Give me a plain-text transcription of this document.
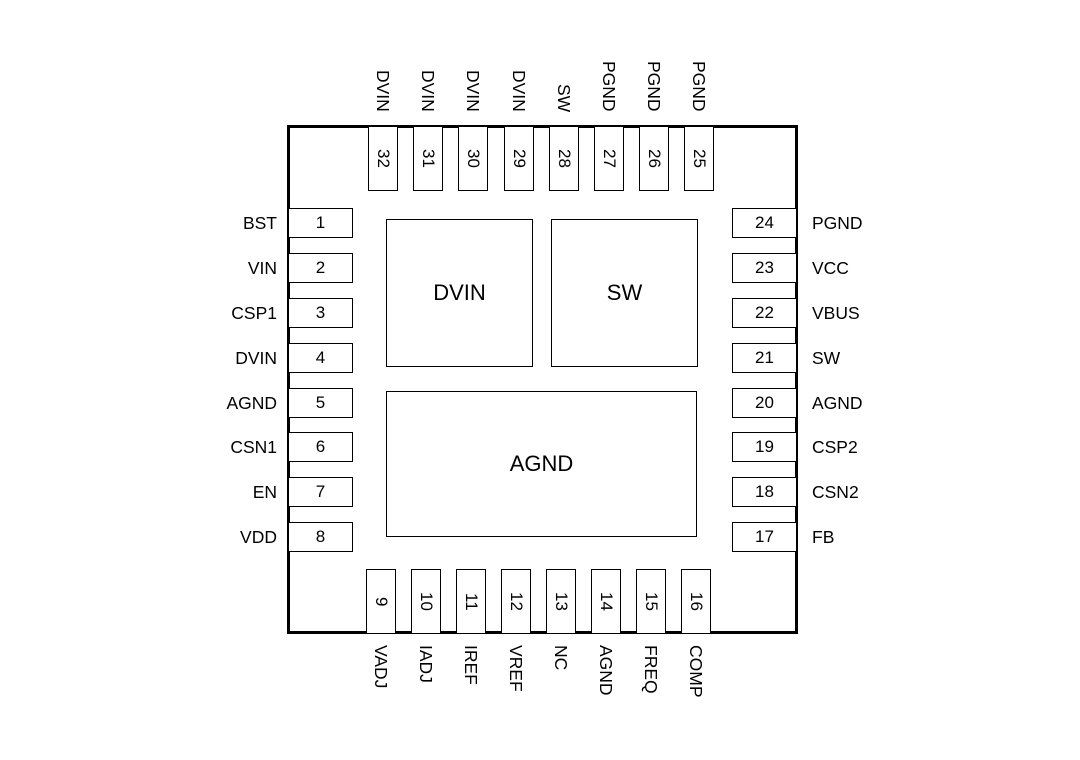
DVIN	SW
AGND
32 31 30 29 28 27 26 25
DVIN DVIN DVIN DVIN SW PGND PGND PGND
1
2
3
4
5
6
7
8
BST
VIN
CSP1
DVIN
AGND
CSN1
EN
VDD
24
23
22
21
20
19
18
17
PGND
VCC
VBUS
SW
AGND
CSP2
CSN2
FB
9 10 11 12 13 14 15 16
VADJ IADJ IREF VREF NC AGND FREQ COMP
